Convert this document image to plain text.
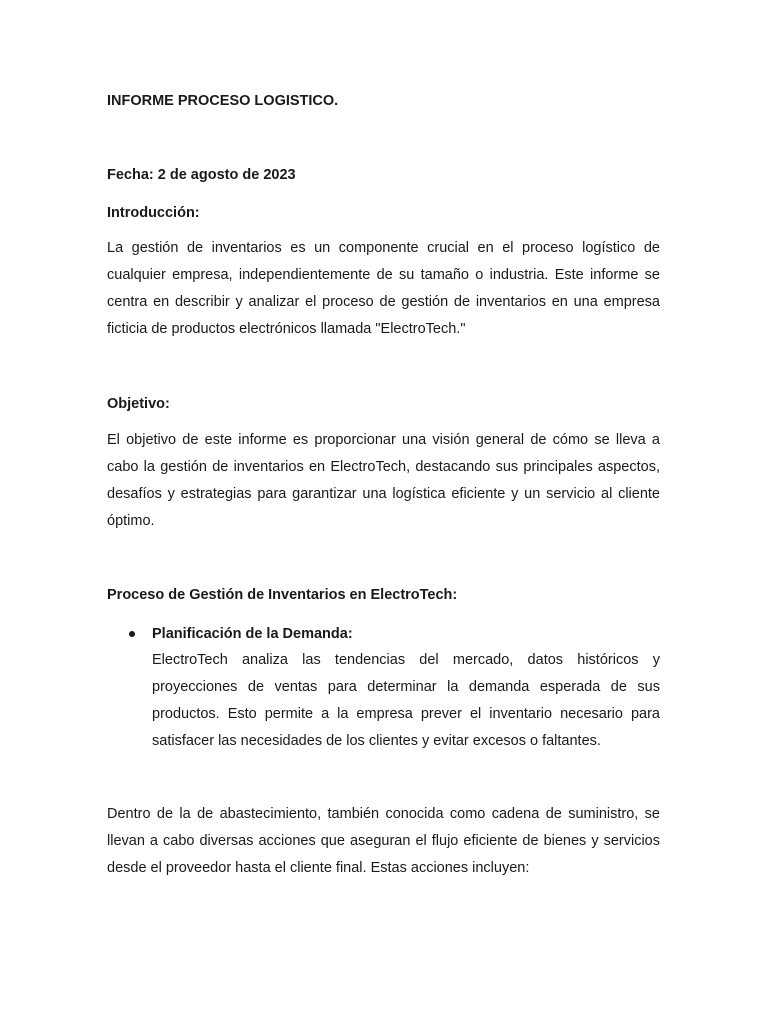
INFORME PROCESO LOGISTICO.

Fecha: 2 de agosto de 2023

Introducción:

La gestión de inventarios es un componente crucial en el proceso logístico de cualquier empresa, independientemente de su tamaño o industria. Este informe se centra en describir y analizar el proceso de gestión de inventarios en una empresa ficticia de productos electrónicos llamada "ElectroTech."

Objetivo:

El objetivo de este informe es proporcionar una visión general de cómo se lleva a cabo la gestión de inventarios en ElectroTech, destacando sus principales aspectos, desafíos y estrategias para garantizar una logística eficiente y un servicio al cliente óptimo.

Proceso de Gestión de Inventarios en ElectroTech:

Planificación de la Demanda:

ElectroTech analiza las tendencias del mercado, datos históricos y proyecciones de ventas para determinar la demanda esperada de sus productos. Esto permite a la empresa prever el inventario necesario para satisfacer las necesidades de los clientes y evitar excesos o faltantes.

Dentro de la de abastecimiento, también conocida como cadena de suministro, se llevan a cabo diversas acciones que aseguran el flujo eficiente de bienes y servicios desde el proveedor hasta el cliente final. Estas acciones incluyen:
